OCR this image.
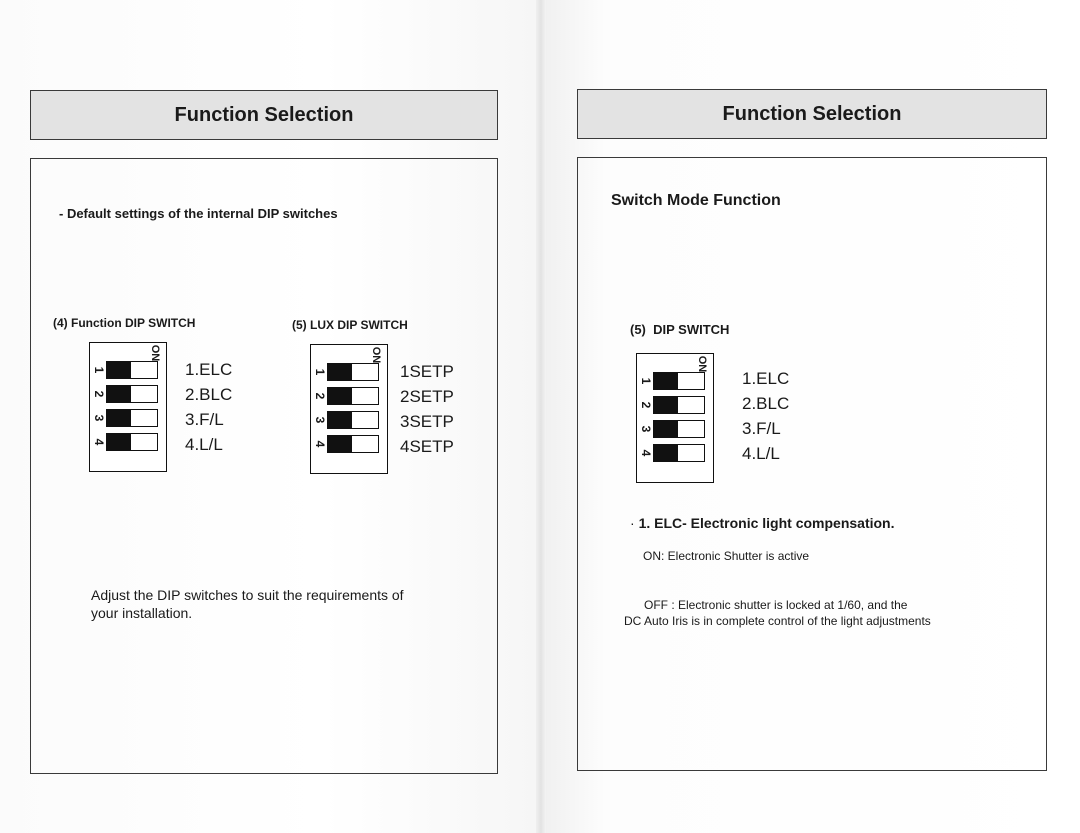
Function Selection
- Default settings of the internal DIP switches
(4) Function DIP SWITCH	(5) LUX DIP SWITCH
ON
1
2
3
4
1.ELC
2.BLC
3.F/L
4.L/L
ON
1
2
3
4
1SETP
2SETP
3SETP
4SETP
Adjust the DIP switches to suit the requirements of
your installation.
Function Selection
Switch Mode Function
(5)  DIP SWITCH
ON
1
2
3
4
1.ELC
2.BLC
3.F/L
4.L/L
· 1. ELC- Electronic light compensation.
ON: Electronic Shutter is active
OFF : Electronic shutter is locked at 1/60, and the
DC Auto Iris is in complete control of the light adjustments
